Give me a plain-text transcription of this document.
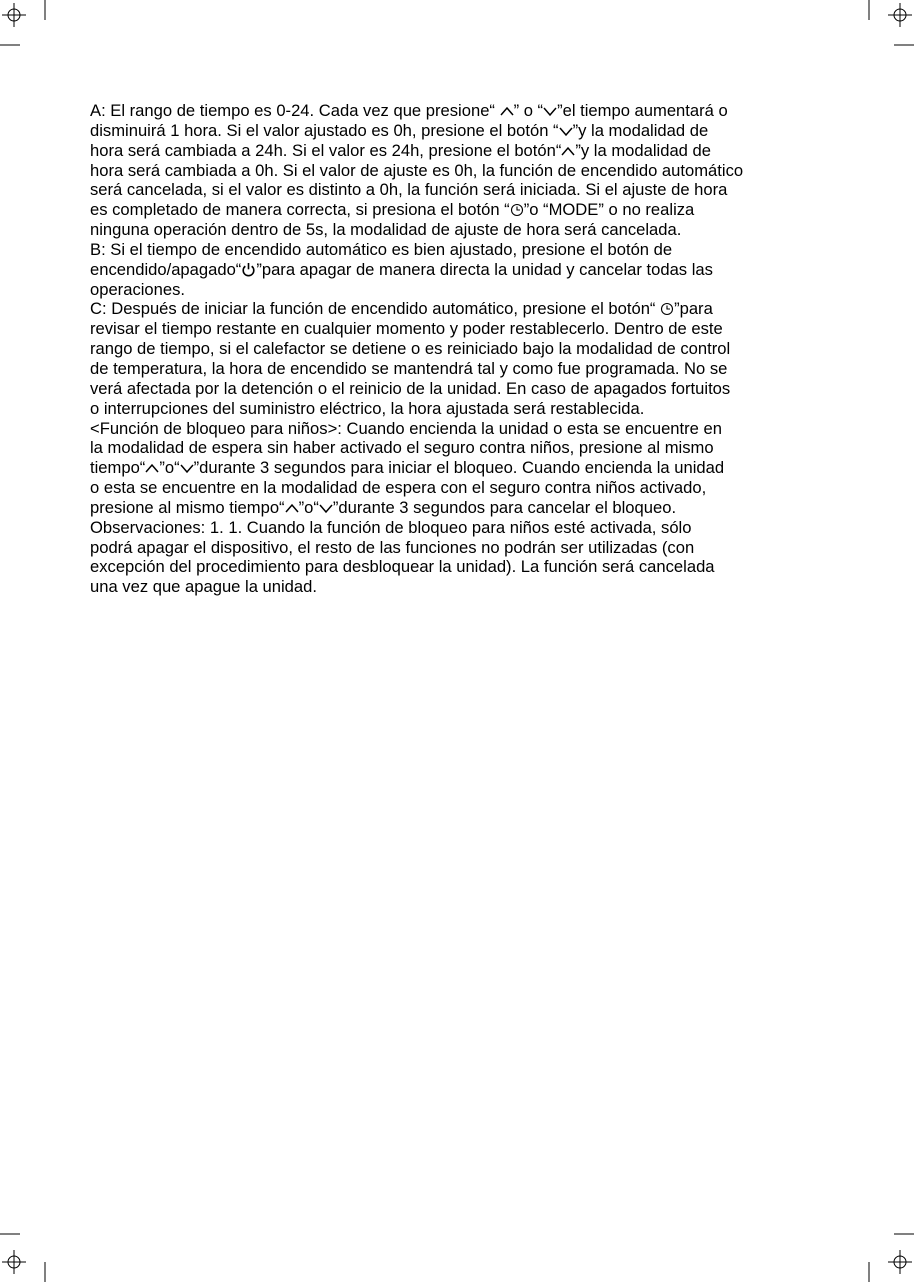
A: El rango de tiempo es 0-24. Cada vez que presione“
” o “ ”el tiempo aumentará o
disminuirá 1 hora. Si el valor ajustado es 0h, presione el botón “ ”y la modalidad de
hora será cambiada a 24h. Si el valor es 24h, presione el botón“ ”y la modalidad de
hora será cambiada a 0h. Si el valor de ajuste es 0h, la función de encendido automático
será cancelada, si el valor es distinto a 0h, la función será iniciada. Si el ajuste de hora
es completado de manera correcta, si presiona el botón “ ”o “MODE” o no realiza
ninguna operación dentro de 5s, la modalidad de ajuste de hora será cancelada.
B: Si el tiempo de encendido automático es bien ajustado, presione el botón de
encendido/apagado“ ”para apagar de manera directa la unidad y cancelar todas las
operaciones.
C: Después de iniciar la función de encendido automático, presione el botón“
”para
revisar el tiempo restante en cualquier momento y poder restablecerlo. Dentro de este
rango de tiempo, si el calefactor se detiene o es reiniciado bajo la modalidad de control
de temperatura, la hora de encendido se mantendrá tal y como fue programada. No se
verá afectada por la detención o el reinicio de la unidad. En caso de apagados fortuitos
o interrupciones del suministro eléctrico, la hora ajustada será restablecida.
<Función de bloqueo para niños>: Cuando encienda la unidad o esta se encuentre en
la modalidad de espera sin haber activado el seguro contra niños, presione al mismo
tiempo“ ”o“ ”durante 3 segundos para iniciar el bloqueo. Cuando encienda la unidad
o esta se encuentre en la modalidad de espera con el seguro contra niños activado,
presione al mismo tiempo“ ”o“ ”durante 3 segundos para cancelar el bloqueo.
Observaciones: 1. 1. Cuando la función de bloqueo para niños esté activada, sólo
podrá apagar el dispositivo, el resto de las funciones no podrán ser utilizadas (con
excepción del procedimiento para desbloquear la unidad). La función será cancelada
una vez que apague la unidad.
